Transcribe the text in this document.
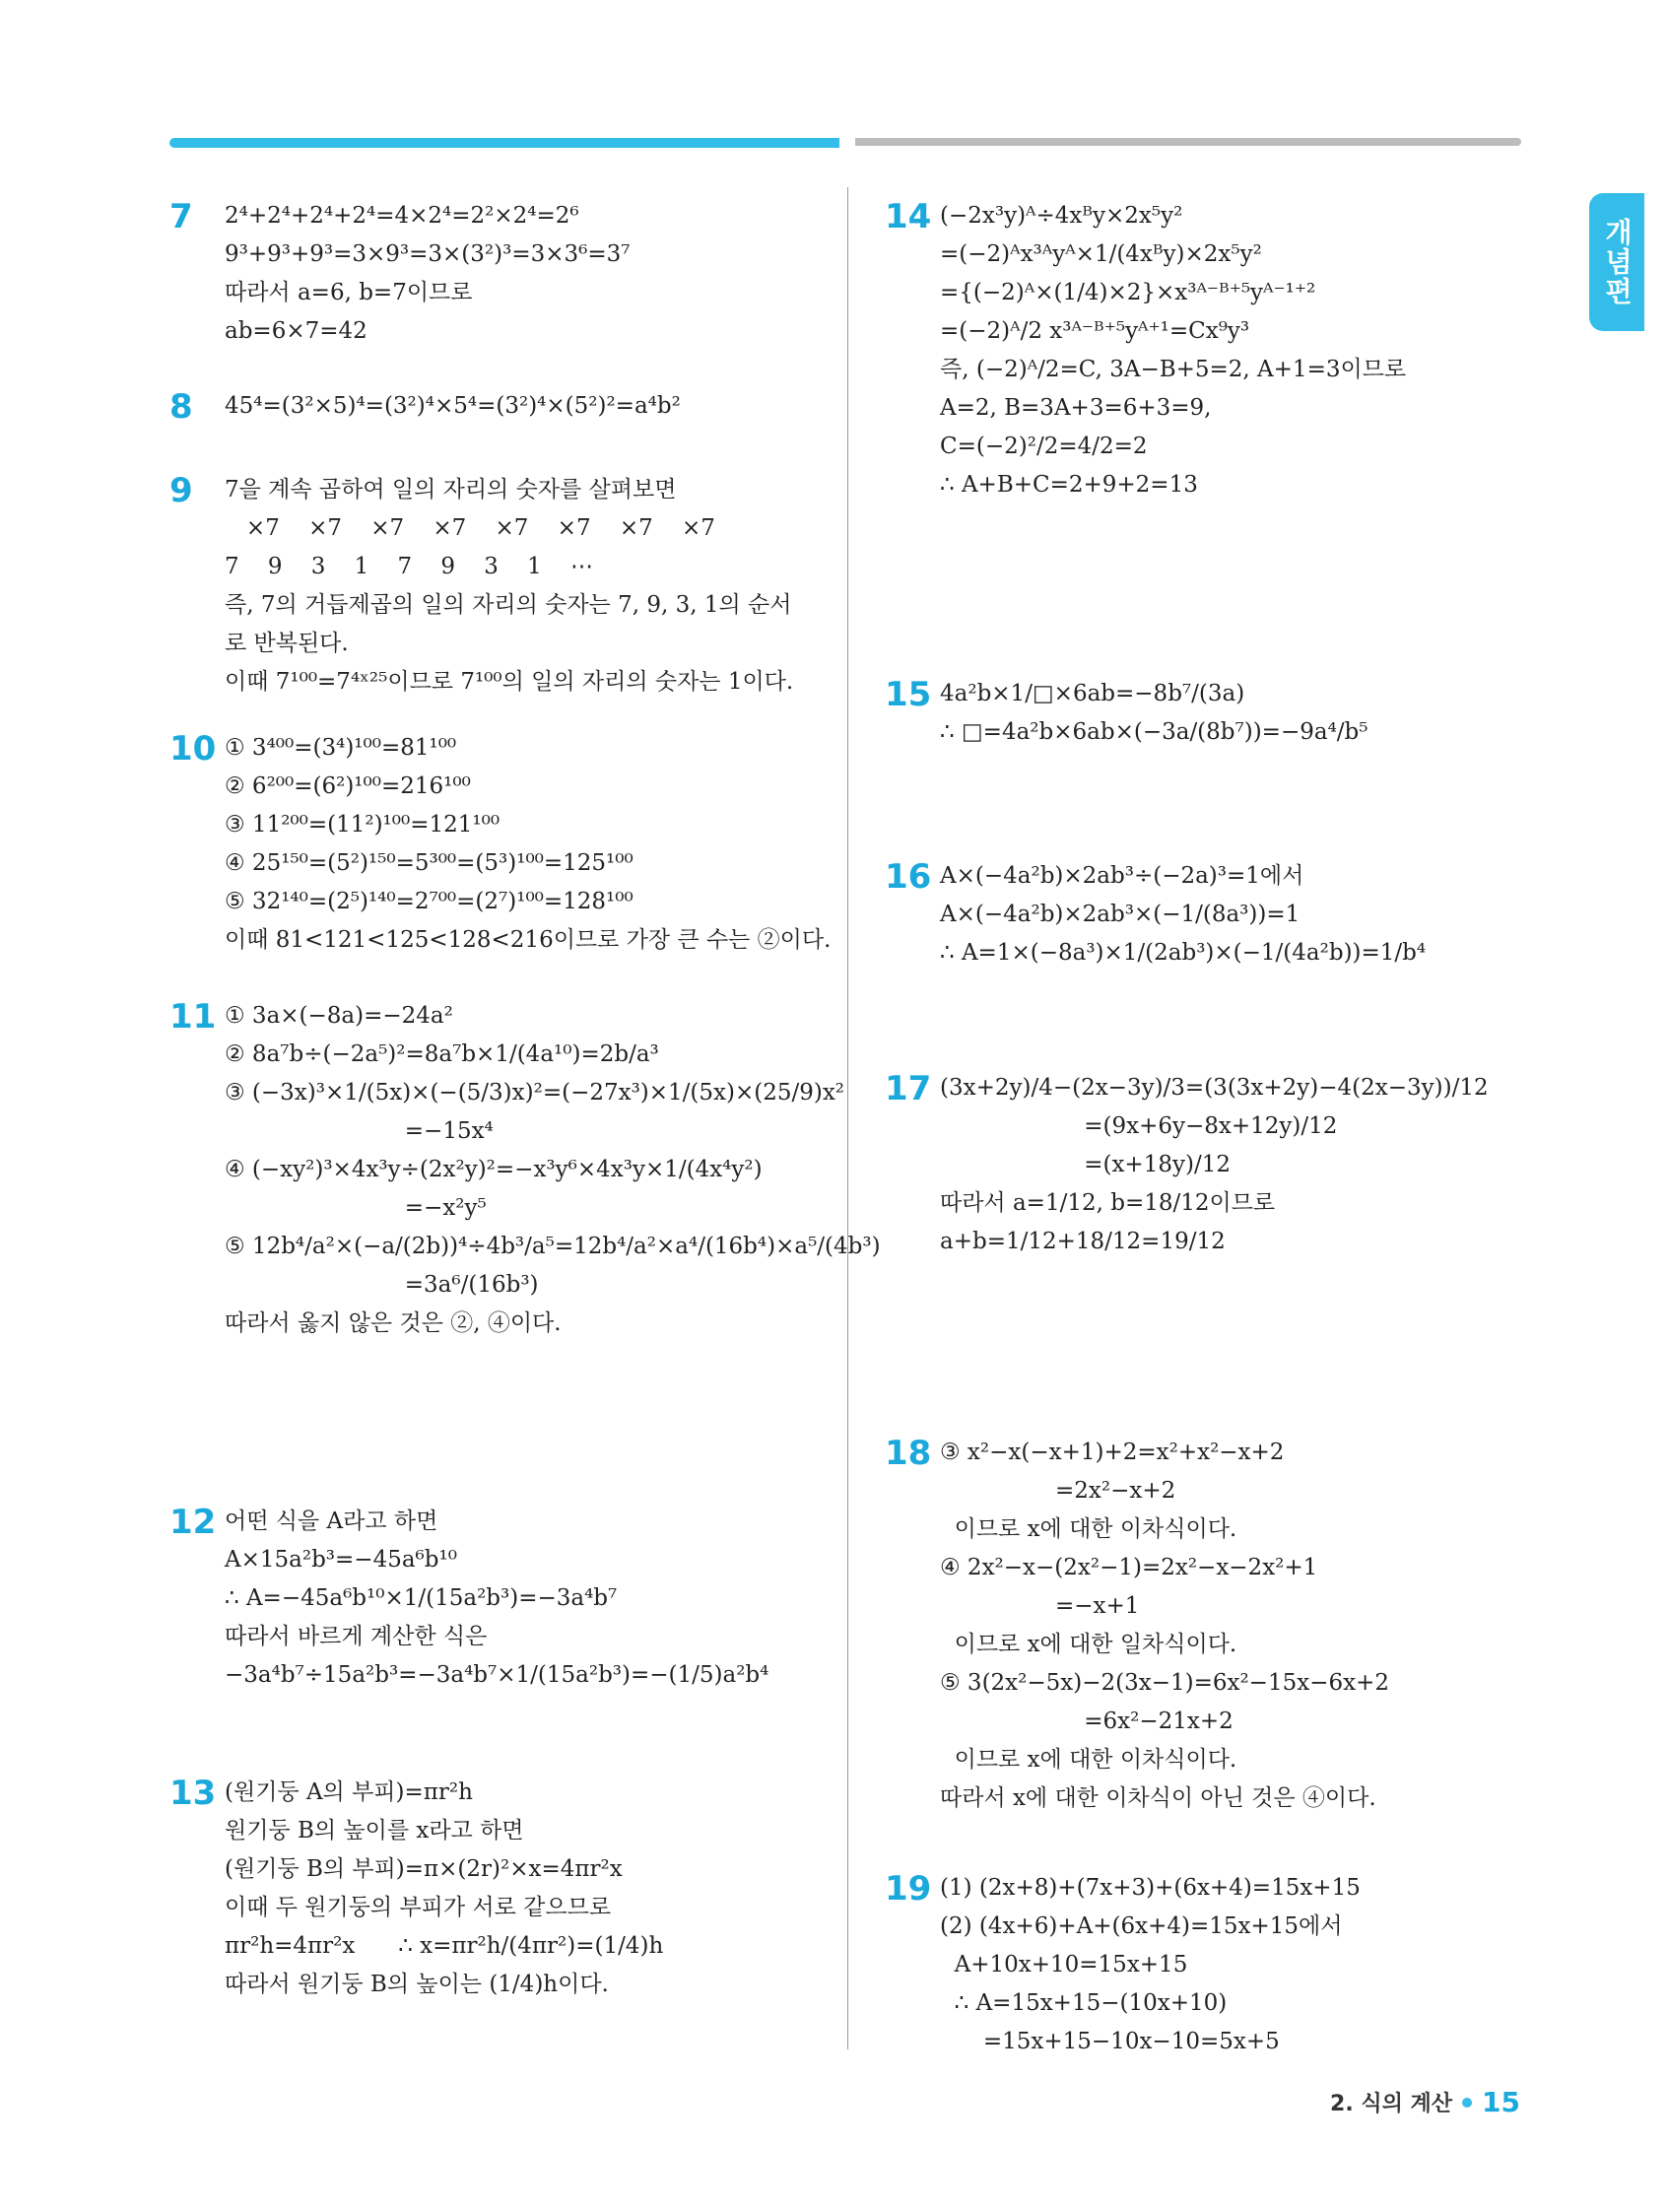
개념편
7 2⁴+2⁴+2⁴+2⁴=4×2⁴=2²×2⁴=2⁶
9³+9³+9³=3×9³=3×(3²)³=3×3⁶=3⁷
따라서 a=6, b=7이므로
ab=6×7=42
8 45⁴=(3²×5)⁴=(3²)⁴×5⁴=(3²)⁴×(5²)²=a⁴b²
9 7을 계속 곱하여 일의 자리의 숫자를 살펴보면
×7    ×7    ×7    ×7    ×7    ×7    ×7    ×7
7    9    3    1    7    9    3    1    ⋯
즉, 7의 거듭제곱의 일의 자리의 숫자는 7, 9, 3, 1의 순서
로 반복된다.
이때 7¹⁰⁰=7⁴ˣ²⁵이므로 7¹⁰⁰의 일의 자리의 숫자는 1이다.
10 ① 3⁴⁰⁰=(3⁴)¹⁰⁰=81¹⁰⁰
② 6²⁰⁰=(6²)¹⁰⁰=216¹⁰⁰
③ 11²⁰⁰=(11²)¹⁰⁰=121¹⁰⁰
④ 25¹⁵⁰=(5²)¹⁵⁰=5³⁰⁰=(5³)¹⁰⁰=125¹⁰⁰
⑤ 32¹⁴⁰=(2⁵)¹⁴⁰=2⁷⁰⁰=(2⁷)¹⁰⁰=128¹⁰⁰
이때 81<121<125<128<216이므로 가장 큰 수는 ②이다.
11 ① 3a×(−8a)=−24a²
② 8a⁷b÷(−2a⁵)²=8a⁷b×1/(4a¹⁰)=2b/a³
③ (−3x)³×1/(5x)×(−(5/3)x)²=(−27x³)×1/(5x)×(25/9)x²
=−15x⁴
④ (−xy²)³×4x³y÷(2x²y)²=−x³y⁶×4x³y×1/(4x⁴y²)
=−x²y⁵
⑤ 12b⁴/a²×(−a/(2b))⁴÷4b³/a⁵=12b⁴/a²×a⁴/(16b⁴)×a⁵/(4b³)
=3a⁶/(16b³)
따라서 옳지 않은 것은 ②, ④이다.
12 어떤 식을 A라고 하면
A×15a²b³=−45a⁶b¹⁰
∴ A=−45a⁶b¹⁰×1/(15a²b³)=−3a⁴b⁷
따라서 바르게 계산한 식은
−3a⁴b⁷÷15a²b³=−3a⁴b⁷×1/(15a²b³)=−(1/5)a²b⁴
13 (원기둥 A의 부피)=πr²h
원기둥 B의 높이를 x라고 하면
(원기둥 B의 부피)=π×(2r)²×x=4πr²x
이때 두 원기둥의 부피가 서로 같으므로
πr²h=4πr²x      ∴ x=πr²h/(4πr²)=(1/4)h
따라서 원기둥 B의 높이는 (1/4)h이다.
14 (−2x³y)ᴬ÷4xᴮy×2x⁵y²
=(−2)ᴬx³ᴬyᴬ×1/(4xᴮy)×2x⁵y²
={(−2)ᴬ×(1/4)×2}×x³ᴬ⁻ᴮ⁺⁵yᴬ⁻¹⁺²
=(−2)ᴬ/2 x³ᴬ⁻ᴮ⁺⁵yᴬ⁺¹=Cx⁹y³
즉, (−2)ᴬ/2=C, 3A−B+5=2, A+1=3이므로
A=2, B=3A+3=6+3=9,
C=(−2)²/2=4/2=2
∴ A+B+C=2+9+2=13
15 4a²b×1/□×6ab=−8b⁷/(3a)
∴ □=4a²b×6ab×(−3a/(8b⁷))=−9a⁴/b⁵
16 A×(−4a²b)×2ab³÷(−2a)³=1에서
A×(−4a²b)×2ab³×(−1/(8a³))=1
∴ A=1×(−8a³)×1/(2ab³)×(−1/(4a²b))=1/b⁴
17 (3x+2y)/4−(2x−3y)/3=(3(3x+2y)−4(2x−3y))/12
=(9x+6y−8x+12y)/12
=(x+18y)/12
따라서 a=1/12, b=18/12이므로
a+b=1/12+18/12=19/12
18 ③ x²−x(−x+1)+2=x²+x²−x+2
=2x²−x+2
이므로 x에 대한 이차식이다.
④ 2x²−x−(2x²−1)=2x²−x−2x²+1
=−x+1
이므로 x에 대한 일차식이다.
⑤ 3(2x²−5x)−2(3x−1)=6x²−15x−6x+2
=6x²−21x+2
이므로 x에 대한 이차식이다.
따라서 x에 대한 이차식이 아닌 것은 ④이다.
19 (1) (2x+8)+(7x+3)+(6x+4)=15x+15
(2) (4x+6)+A+(6x+4)=15x+15에서
A+10x+10=15x+15
∴ A=15x+15−(10x+10)
=15x+15−10x−10=5x+5
2. 식의 계산 15
